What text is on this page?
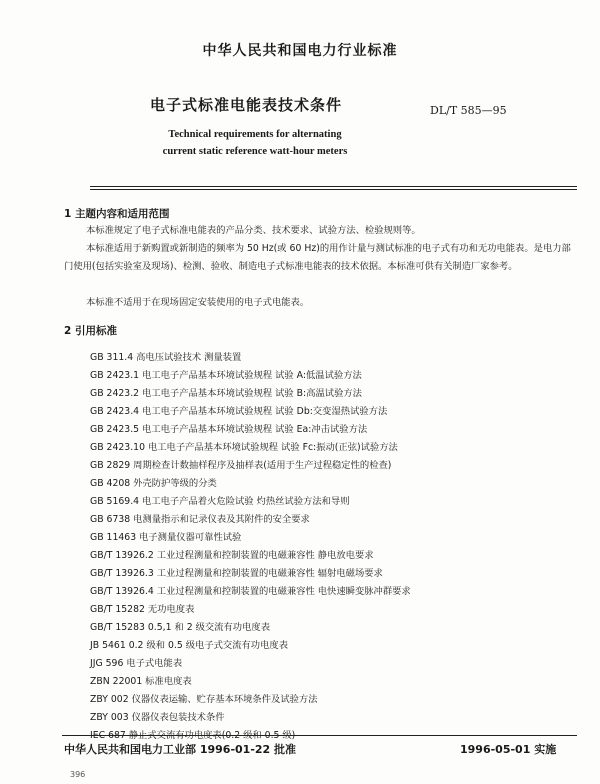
中华人民共和国电力行业标准
电子式标准电能表技术条件	DL/T 585—95
Technical requirements for alternating
current static reference watt-hour meters
1 主题内容和适用范围
本标准规定了电子式标准电能表的产品分类、技术要求、试验方法、检验规则等。
本标准适用于新购置或新制造的频率为 50 Hz(或 60 Hz)的用作计量与测试标准的电子式有功和无功电能表。是电力部门使用(包括实验室及现场)、检测、验收、制造电子式标准电能表的技术依据。本标准可供有关制造厂家参考。
本标准不适用于在现场固定安装使用的电子式电能表。
2 引用标准
GB 311.4 高电压试验技术 测量装置
GB 2423.1 电工电子产品基本环境试验规程 试验 A:低温试验方法
GB 2423.2 电工电子产品基本环境试验规程 试验 B:高温试验方法
GB 2423.4 电工电子产品基本环境试验规程 试验 Db:交变湿热试验方法
GB 2423.5 电工电子产品基本环境试验规程 试验 Ea:冲击试验方法
GB 2423.10 电工电子产品基本环境试验规程 试验 Fc:振动(正弦)试验方法
GB 2829 周期检查计数抽样程序及抽样表(适用于生产过程稳定性的检查)
GB 4208 外壳防护等级的分类
GB 5169.4 电工电子产品着火危险试验 灼热丝试验方法和导则
GB 6738 电测量指示和记录仪表及其附件的安全要求
GB 11463 电子测量仪器可靠性试验
GB/T 13926.2 工业过程测量和控制装置的电磁兼容性 静电放电要求
GB/T 13926.3 工业过程测量和控制装置的电磁兼容性 辐射电磁场要求
GB/T 13926.4 工业过程测量和控制装置的电磁兼容性 电快速瞬变脉冲群要求
GB/T 15282 无功电度表
GB/T 15283 0.5,1 和 2 级交流有功电度表
JB 5461 0.2 级和 0.5 级电子式交流有功电度表
JJG 596 电子式电能表
ZBN 22001 标准电度表
ZBY 002 仪器仪表运输、贮存基本环境条件及试验方法
ZBY 003 仪器仪表包装技术条件
IEC 687 静止式交流有功电度表(0.2 级和 0.5 级)
中华人民共和国电力工业部 1996-01-22 批准	1996-05-01 实施
396
